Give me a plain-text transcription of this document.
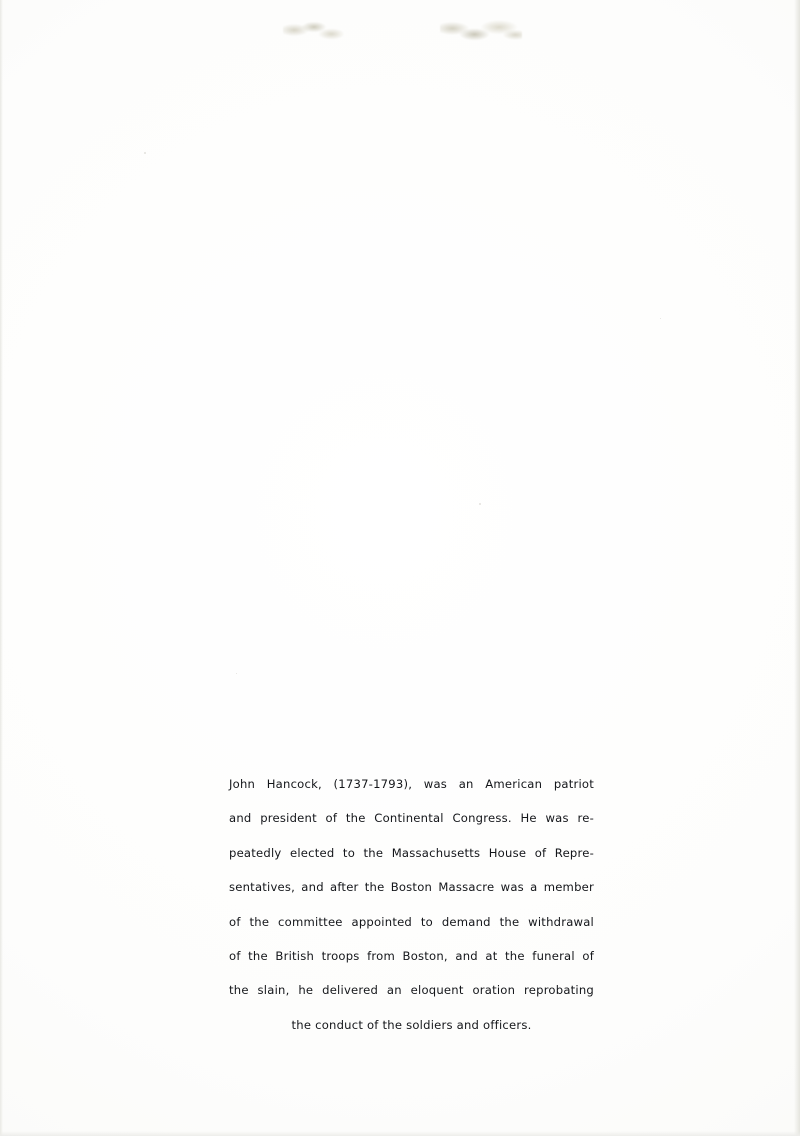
John Hancock, (1737-1793), was an American patriot
and president of the Continental Congress. He was re-
peatedly elected to the Massachusetts House of Repre-
sentatives, and after the Boston Massacre was a member
of the committee appointed to demand the withdrawal
of the British troops from Boston, and at the funeral of
the slain, he delivered an eloquent oration reprobating
the conduct of the soldiers and officers.
